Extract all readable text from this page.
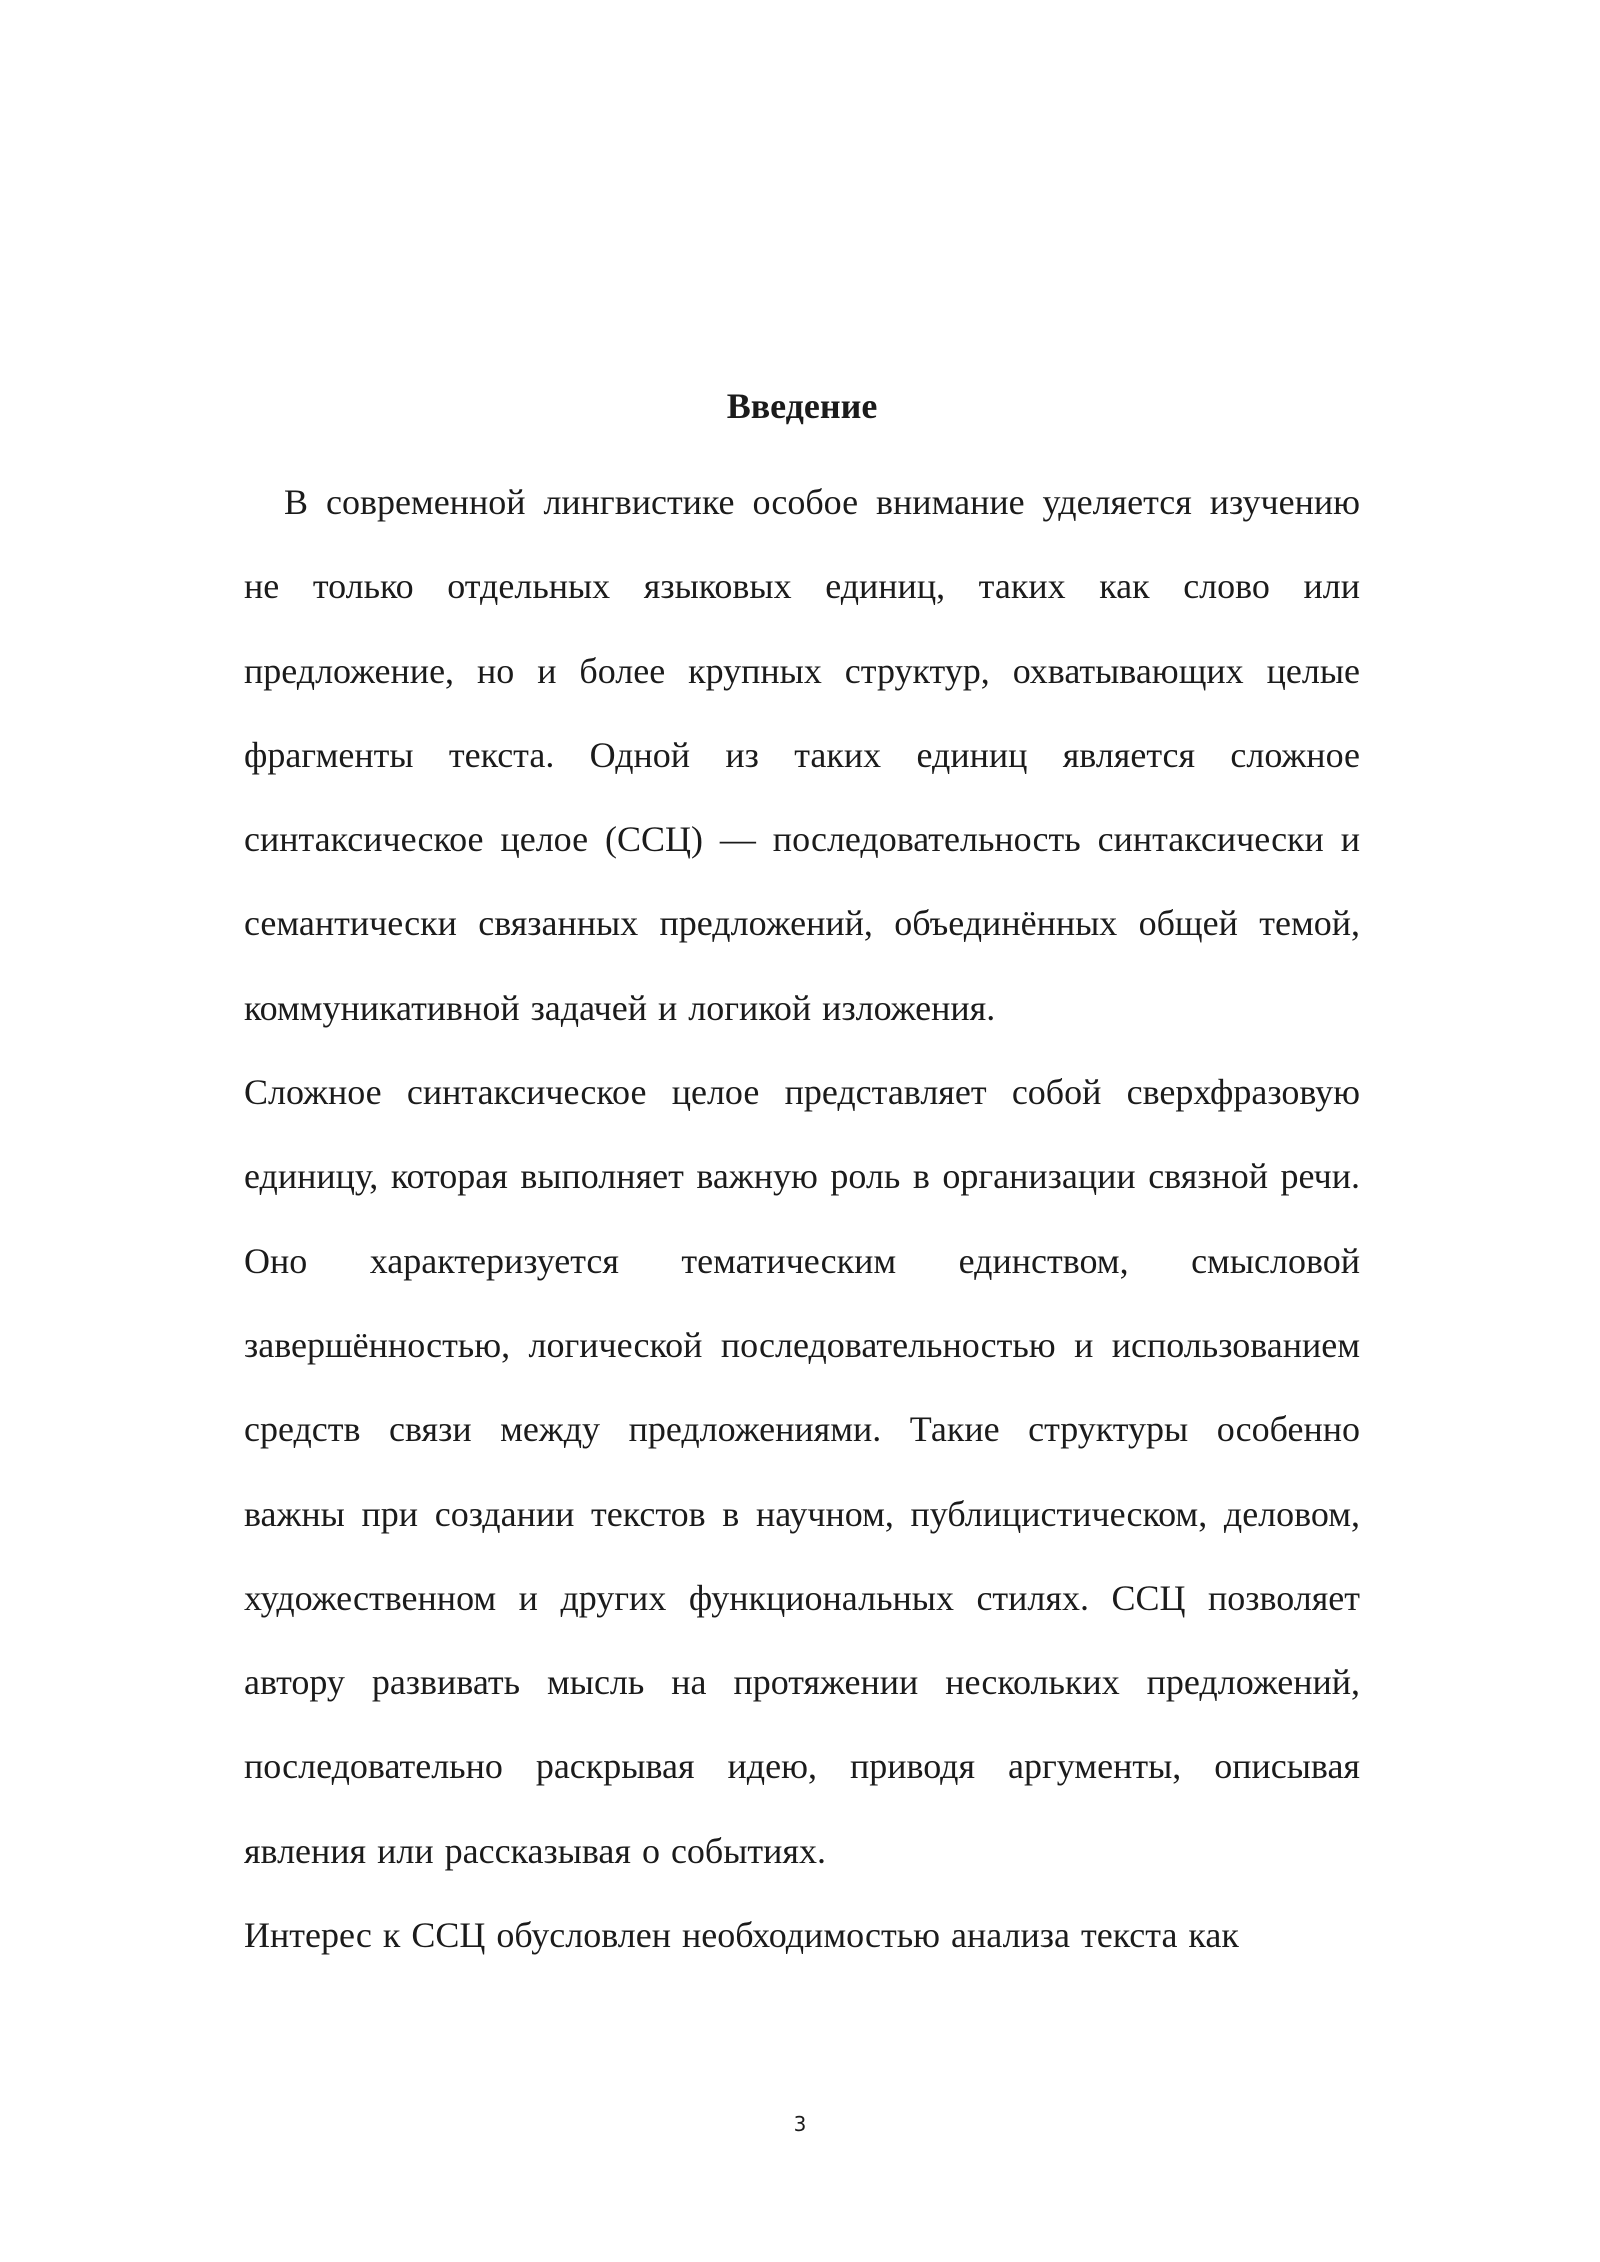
Введение

В современной лингвистике особое внимание уделяется изучению не только отдельных языковых единиц, таких как слово или предложение, но и более крупных структур, охватывающих целые фрагменты текста. Одной из таких единиц является сложное синтаксическое целое (ССЦ) — последовательность синтаксически и семантически связанных предложений, объединённых общей темой, коммуникативной задачей и логикой изложения.

Сложное синтаксическое целое представляет собой сверхфразовую единицу, которая выполняет важную роль в организации связной речи. Оно характеризуется тематическим единством, смысловой завершённостью, логической последовательностью и использованием средств связи между предложениями. Такие структуры особенно важны при создании текстов в научном, публицистическом, деловом, художественном и других функциональных стилях. ССЦ позволяет автору развивать мысль на протяжении нескольких предложений, последовательно раскрывая идею, приводя аргументы, описывая явления или рассказывая о событиях.

Интерес к ССЦ обусловлен необходимостью анализа текста как

3
